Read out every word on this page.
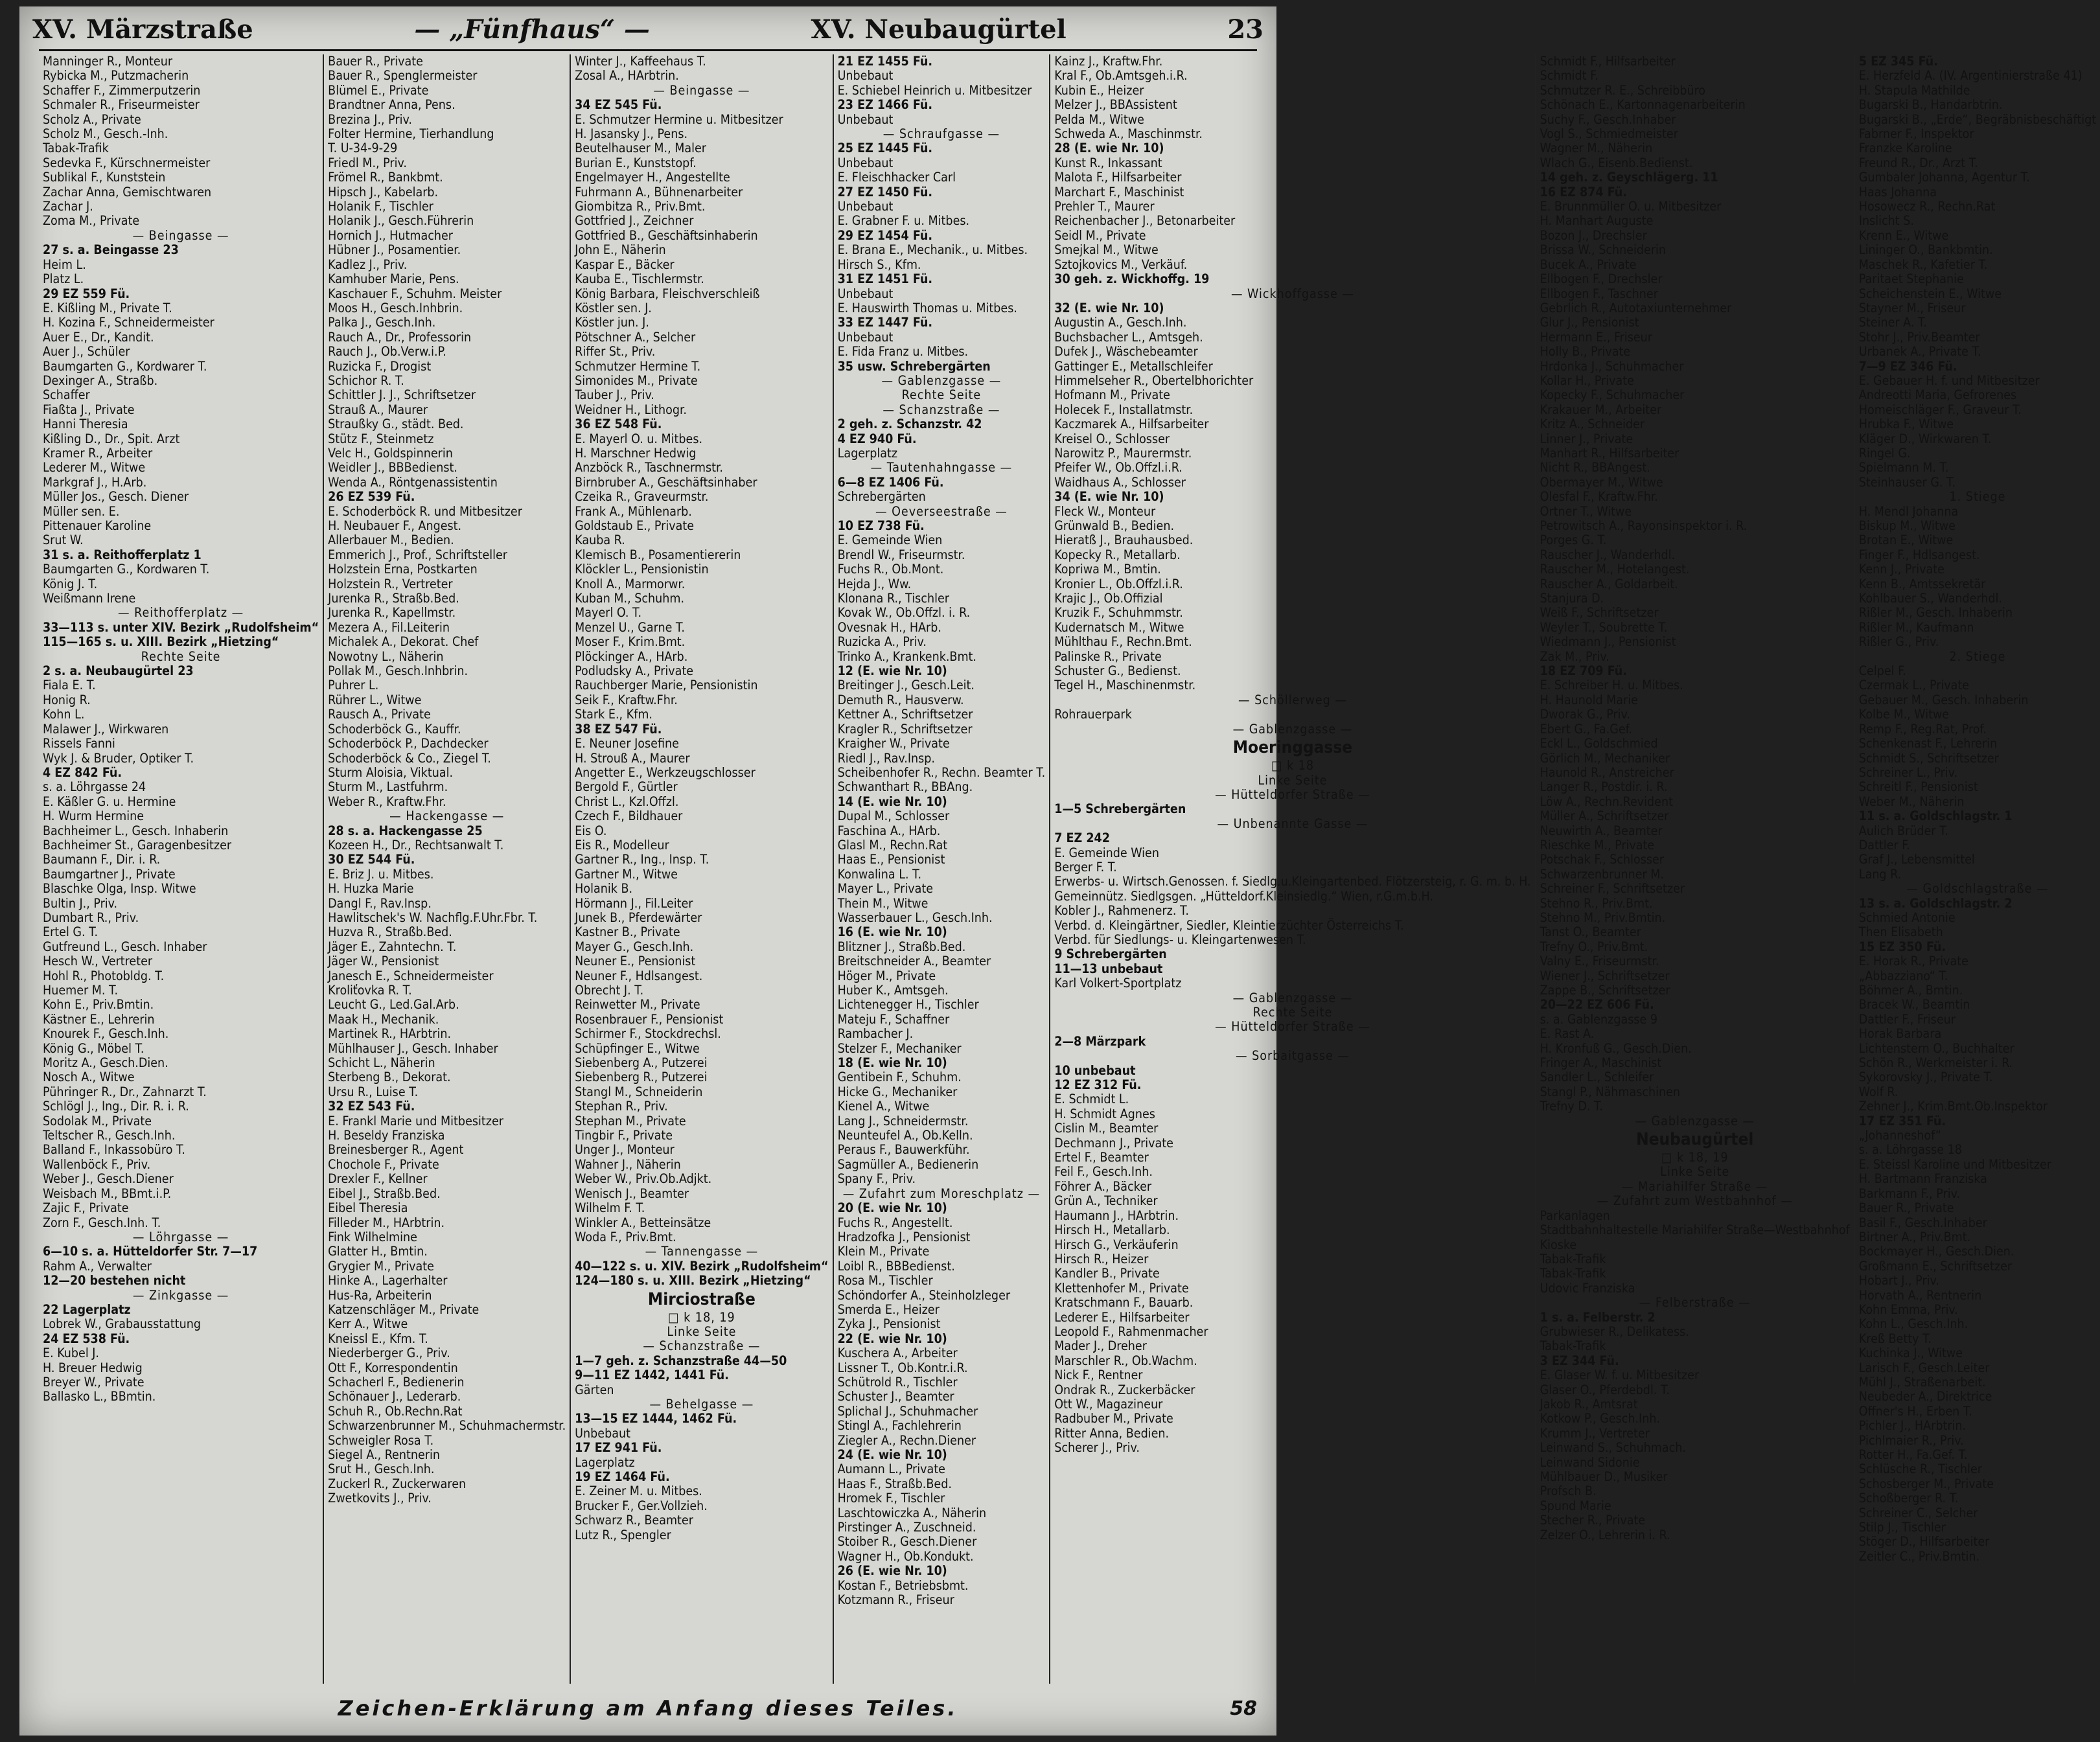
XV. Märzstraße	— „Fünfhaus“ —	XV. Neubaugürtel	23
Manninger R., Monteur
Rybicka M., Putzmacherin
Schaffer F., Zimmerputzerin
Schmaler R., Friseurmeister
Scholz A., Private
Scholz M., Gesch.-Inh.
Tabak-Trafik
Sedevka F., Kürschnermeister
Sublikal F., Kunststein
Zachar Anna, Gemischtwaren
Zachar J.
Zoma M., Private
— Beingasse —
27 s. a. Beingasse 23
Heim L.
Platz L.
29 EZ 559 Fü.
E. Kißling M., Private T.
H. Kozina F., Schneidermeister
Auer E., Dr., Kandit.
Auer J., Schüler
Baumgarten G., Kordwarer T.
Dexinger A., Straßb.
Schaffer
Fiaßta J., Private
Hanni Theresia
Kißling D., Dr., Spit. Arzt
Kramer R., Arbeiter
Lederer M., Witwe
Markgraf J., H.Arb.
Müller Jos., Gesch. Diener
Müller sen. E.
Pittenauer Karoline
Srut W.
31 s. a. Reithofferplatz 1
Baumgarten G., Kordwaren T.
König J. T.
Weißmann Irene
— Reithofferplatz —
33—113 s. unter XIV. Bezirk „Rudolfsheim“
115—165 s. u. XIII. Bezirk „Hietzing“
Rechte Seite
2 s. a. Neubaugürtel 23
Fiala E. T.
Honig R.
Kohn L.
Malawer J., Wirkwaren
Rissels Fanni
Wyk J. & Bruder, Optiker T.
4 EZ 842 Fü.
s. a. Löhrgasse 24
E. Käßler G. u. Hermine
H. Wurm Hermine
Bachheimer L., Gesch. Inhaberin
Bachheimer St., Garagenbesitzer
Baumann F., Dir. i. R.
Baumgartner J., Private
Blaschke Olga, Insp. Witwe
Bultin J., Priv.
Dumbart R., Priv.
Ertel G. T.
Gutfreund L., Gesch. Inhaber
Hesch W., Vertreter
Hohl R., Photobldg. T.
Huemer M. T.
Kohn E., Priv.Bmtin.
Kästner E., Lehrerin
Knourek F., Gesch.Inh.
König G., Möbel T.
Moritz A., Gesch.Dien.
Nosch A., Witwe
Pühringer R., Dr., Zahnarzt T.
Schlögl J., Ing., Dir. R. i. R.
Sodolak M., Private
Teltscher R., Gesch.Inh.
Balland F., Inkassobüro T.
Wallenböck F., Priv.
Weber J., Gesch.Diener
Weisbach M., BBmt.i.P.
Zajic F., Private
Zorn F., Gesch.Inh. T.
— Löhrgasse —
6—10 s. a. Hütteldorfer Str. 7—17
Rahm A., Verwalter
12—20 bestehen nicht
— Zinkgasse —
22 Lagerplatz
Lobrek W., Grabausstattung
24 EZ 538 Fü.
E. Kubel J.
H. Breuer Hedwig
Breyer W., Private
Ballasko L., BBmtin.
Bauer R., Private
Bauer R., Spenglermeister
Blümel E., Private
Brandtner Anna, Pens.
Brezina J., Priv.
Folter Hermine, Tierhandlung
T. U-34-9-29
Friedl M., Priv.
Frömel R., Bankbmt.
Hipsch J., Kabelarb.
Holanik F., Tischler
Holanik J., Gesch.Führerin
Hornich J., Hutmacher
Hübner J., Posamentier.
Kadlez J., Priv.
Kamhuber Marie, Pens.
Kaschauer F., Schuhm. Meister
Moos H., Gesch.Inhbrin.
Palka J., Gesch.Inh.
Rauch A., Dr., Professorin
Rauch J., Ob.Verw.i.P.
Ruzicka F., Drogist
Schichor R. T.
Schittler J. J., Schriftsetzer
Strauß A., Maurer
Straußky G., städt. Bed.
Stütz F., Steinmetz
Velc H., Goldspinnerin
Weidler J., BBBedienst.
Wenda A., Röntgenassistentin
26 EZ 539 Fü.
E. Schoderböck R. und Mitbesitzer
H. Neubauer F., Angest.
Allerbauer M., Bedien.
Emmerich J., Prof., Schriftsteller
Holzstein Erna, Postkarten
Holzstein R., Vertreter
Jurenka R., Straßb.Bed.
Jurenka R., Kapellmstr.
Mezera A., Fil.Leiterin
Michalek A., Dekorat. Chef
Nowotny L., Näherin
Pollak M., Gesch.Inhbrin.
Puhrer L.
Rührer L., Witwe
Rausch A., Private
Schoderböck G., Kauffr.
Schoderböck P., Dachdecker
Schoderböck & Co., Ziegel T.
Sturm Aloisia, Viktual.
Sturm M., Lastfuhrm.
Weber R., Kraftw.Fhr.
— Hackengasse —
28 s. a. Hackengasse 25
Kozeen H., Dr., Rechtsanwalt T.
30 EZ 544 Fü.
E. Briz J. u. Mitbes.
H. Huzka Marie
Dangl F., Rav.Insp.
Hawlitschek's W. Nachflg.F.Uhr.Fbr. T.
Huzva R., Straßb.Bed.
Jäger E., Zahntechn. T.
Jäger W., Pensionist
Janesch E., Schneidermeister
Kroliťovka R. T.
Leucht G., Led.Gal.Arb.
Maak H., Mechanik.
Martinek R., HArbtrin.
Mühlhauser J., Gesch. Inhaber
Schicht L., Näherin
Sterbeng B., Dekorat.
Ursu R., Luise T.
32 EZ 543 Fü.
E. Frankl Marie und Mitbesitzer
H. Beseldy Franziska
Breinesberger R., Agent
Chochole F., Private
Drexler F., Kellner
Eibel J., Straßb.Bed.
Eibel Theresia
Filleder M., HArbtrin.
Fink Wilhelmine
Glatter H., Bmtin.
Grygier M., Private
Hinke A., Lagerhalter
Hus-Ra, Arbeiterin
Katzenschläger M., Private
Kerr A., Witwe
Kneissl E., Kfm. T.
Niederberger G., Priv.
Ott F., Korrespondentin
Schacherl F., Bedienerin
Schönauer J., Lederarb.
Schuh R., Ob.Rechn.Rat
Schwarzenbrunner M., Schuhmachermstr.
Schweigler Rosa T.
Siegel A., Rentnerin
Srut H., Gesch.Inh.
Zuckerl R., Zuckerwaren
Zwetkovits J., Priv.
Winter J., Kaffeehaus T.
Zosal A., HArbtrin.
— Beingasse —
34 EZ 545 Fü.
E. Schmutzer Hermine u. Mitbesitzer
H. Jasansky J., Pens.
Beutelhauser M., Maler
Burian E., Kunststopf.
Engelmayer H., Angestellte
Fuhrmann A., Bühnenarbeiter
Giombitza R., Priv.Bmt.
Gottfried J., Zeichner
Gottfried B., Geschäftsinhaberin
John E., Näherin
Kaspar E., Bäcker
Kauba E., Tischlermstr.
König Barbara, Fleischverschleiß
Köstler sen. J.
Köstler jun. J.
Pötschner A., Selcher
Riffer St., Priv.
Schmutzer Hermine T.
Simonides M., Private
Tauber J., Priv.
Weidner H., Lithogr.
36 EZ 548 Fü.
E. Mayerl O. u. Mitbes.
H. Marschner Hedwig
Anzböck R., Taschnermstr.
Birnbruber A., Geschäftsinhaber
Czeika R., Graveurmstr.
Frank A., Mühlenarb.
Goldstaub E., Private
Kauba R.
Klemisch B., Posamentiererin
Klöckler L., Pensionistin
Knoll A., Marmorwr.
Kuban M., Schuhm.
Mayerl O. T.
Menzel U., Garne T.
Moser F., Krim.Bmt.
Plöckinger A., HArb.
Podludsky A., Private
Rauchberger Marie, Pensionistin
Seik F., Kraftw.Fhr.
Stark E., Kfm.
38 EZ 547 Fü.
E. Neuner Josefine
H. Strouß A., Maurer
Angetter E., Werkzeugschlosser
Bergold F., Gürtler
Christ L., Kzl.Offzl.
Czech F., Bildhauer
Eis O.
Eis R., Modelleur
Gartner R., Ing., Insp. T.
Gartner M., Witwe
Holanik B.
Hörmann J., Fil.Leiter
Junek B., Pferdewärter
Kastner B., Private
Mayer G., Gesch.Inh.
Neuner E., Pensionist
Neuner F., Hdlsangest.
Obrecht J. T.
Reinwetter M., Private
Rosenbrauer F., Pensionist
Schirmer F., Stockdrechsl.
Schüpfinger E., Witwe
Siebenberg A., Putzerei
Siebenberg R., Putzerei
Stangl M., Schneiderin
Stephan R., Priv.
Stephan M., Private
Tingbir F., Private
Unger J., Monteur
Wahner J., Näherin
Weber W., Priv.Ob.Adjkt.
Wenisch J., Beamter
Wilhelm F. T.
Winkler A., Betteinsätze
Woda F., Priv.Bmt.
— Tannengasse —
40—122 s. u. XIV. Bezirk „Rudolfsheim“
124—180 s. u. XIII. Bezirk „Hietzing“
Mirciostraße
□ k 18, 19
Linke Seite
— Schanzstraße —
1—7 geh. z. Schanzstraße 44—50
9—11 EZ 1442, 1441 Fü.
Gärten
— Behelgasse —
13—15 EZ 1444, 1462 Fü.
Unbebaut
17 EZ 941 Fü.
Lagerplatz
19 EZ 1464 Fü.
E. Zeiner M. u. Mitbes.
Brucker F., Ger.Vollzieh.
Schwarz R., Beamter
Lutz R., Spengler
21 EZ 1455 Fü.
Unbebaut
E. Schiebel Heinrich u. Mitbesitzer
23 EZ 1466 Fü.
Unbebaut
— Schraufgasse —
25 EZ 1445 Fü.
Unbebaut
E. Fleischhacker Carl
27 EZ 1450 Fü.
Unbebaut
E. Grabner F. u. Mitbes.
29 EZ 1454 Fü.
E. Brana E., Mechanik., u. Mitbes.
Hirsch S., Kfm.
31 EZ 1451 Fü.
Unbebaut
E. Hauswirth Thomas u. Mitbes.
33 EZ 1447 Fü.
Unbebaut
E. Fida Franz u. Mitbes.
35 usw. Schrebergärten
— Gablenzgasse —
Rechte Seite
— Schanzstraße —
2 geh. z. Schanzstr. 42
4 EZ 940 Fü.
Lagerplatz
— Tautenhahngasse —
6—8 EZ 1406 Fü.
Schrebergärten
— Oeverseestraße —
10 EZ 738 Fü.
E. Gemeinde Wien
Brendl W., Friseurmstr.
Fuchs R., Ob.Mont.
Hejda J., Ww.
Klonana R., Tischler
Kovak W., Ob.Offzl. i. R.
Ovesnak H., HArb.
Ruzicka A., Priv.
Trinko A., Krankenk.Bmt.
12 (E. wie Nr. 10)
Breitinger J., Gesch.Leit.
Demuth R., Hausverw.
Kettner A., Schriftsetzer
Kragler R., Schriftsetzer
Kraigher W., Private
Riedl J., Rav.Insp.
Scheibenhofer R., Rechn. Beamter T.
Schwanthart R., BBAng.
14 (E. wie Nr. 10)
Dupal M., Schlosser
Faschina A., HArb.
Glasl M., Rechn.Rat
Haas E., Pensionist
Konwalina L. T.
Mayer L., Private
Thein M., Witwe
Wasserbauer L., Gesch.Inh.
16 (E. wie Nr. 10)
Blitzner J., Straßb.Bed.
Breitschneider A., Beamter
Höger M., Private
Huber K., Amtsgeh.
Lichtenegger H., Tischler
Mateju F., Schaffner
Rambacher J.
Stelzer F., Mechaniker
18 (E. wie Nr. 10)
Gentibein F., Schuhm.
Hicke G., Mechaniker
Kienel A., Witwe
Lang J., Schneidermstr.
Neunteufel A., Ob.Kelln.
Peraus F., Bauwerkführ.
Sagmüller A., Bedienerin
Spany F., Priv.
— Zufahrt zum Moreschplatz —
20 (E. wie Nr. 10)
Fuchs R., Angestellt.
Hradzofka J., Pensionist
Klein M., Private
Loibl R., BBBedienst.
Rosa M., Tischler
Schöndorfer A., Steinholzleger
Smerda E., Heizer
Zyka J., Pensionist
22 (E. wie Nr. 10)
Kuschera A., Arbeiter
Lissner T., Ob.Kontr.i.R.
Schütrold R., Tischler
Schuster J., Beamter
Splichal J., Schuhmacher
Stingl A., Fachlehrerin
Ziegler A., Rechn.Diener
24 (E. wie Nr. 10)
Aumann L., Private
Haas F., Straßb.Bed.
Hromek F., Tischler
Laschtowiczka A., Näherin
Pirstinger A., Zuschneid.
Stoiber R., Gesch.Diener
Wagner H., Ob.Kondukt.
26 (E. wie Nr. 10)
Kostan F., Betriebsbmt.
Kotzmann R., Friseur
Kainz J., Kraftw.Fhr.
Kral F., Ob.Amtsgeh.i.R.
Kubin E., Heizer
Melzer J., BBAssistent
Pelda M., Witwe
Schweda A., Maschinmstr.
28 (E. wie Nr. 10)
Kunst R., Inkassant
Malota F., Hilfsarbeiter
Marchart F., Maschinist
Prehler T., Maurer
Reichenbacher J., Betonarbeiter
Seidl M., Private
Smejkal M., Witwe
Sztojkovics M., Verkäuf.
30 geh. z. Wickhoffg. 19
— Wickhoffgasse —
32 (E. wie Nr. 10)
Augustin A., Gesch.Inh.
Buchsbacher L., Amtsgeh.
Dufek J., Wäschebeamter
Gattinger E., Metallschleifer
Himmelseher R., Obertelbhorichter
Hofmann M., Private
Holecek F., Installatmstr.
Kaczmarek A., Hilfsarbeiter
Kreisel O., Schlosser
Narowitz P., Maurermstr.
Pfeifer W., Ob.Offzl.i.R.
Waidhaus A., Schlosser
34 (E. wie Nr. 10)
Fleck W., Monteur
Grünwald B., Bedien.
Hieratß J., Brauhausbed.
Kopecky R., Metallarb.
Kopriwa M., Bmtin.
Kronier L., Ob.Offzl.i.R.
Krajic J., Ob.Offizial
Kruzik F., Schuhmmstr.
Kudernatsch M., Witwe
Mühlthau F., Rechn.Bmt.
Palinske R., Private
Schuster G., Bedienst.
Tegel H., Maschinenmstr.
— Schöllerweg —
Rohrauerpark
— Gablenzgasse —
Moeringgasse
□ k 18
Linke Seite
— Hütteldorfer Straße —
1—5 Schrebergärten
— Unbenannte Gasse —
7 EZ 242
E. Gemeinde Wien
Berger F. T.
Erwerbs- u. Wirtsch.Genossen. f. Siedlg.u.Kleingartenbed. Flötzersteig, r. G. m. b. H.
Gemeinnütz. Siedlgsgen. „Hütteldorf.Kleinsiedlg.“ Wien, r.G.m.b.H.
Kobler J., Rahmenerz. T.
Verbd. d. Kleingärtner, Siedler, Kleintierzüchter Österreichs T.
Verbd. für Siedlungs- u. Kleingartenwesen T.
9 Schrebergärten
11—13 unbebaut
Karl Volkert-Sportplatz
— Gablenzgasse —
Rechte Seite
— Hütteldorfer Straße —
2—8 Märzpark
— Sorbaitgasse —
10 unbebaut
12 EZ 312 Fü.
E. Schmidt L.
H. Schmidt Agnes
Cislin M., Beamter
Dechmann J., Private
Ertel F., Beamter
Feil F., Gesch.Inh.
Föhrer A., Bäcker
Grün A., Techniker
Haumann J., HArbtrin.
Hirsch H., Metallarb.
Hirsch G., Verkäuferin
Hirsch R., Heizer
Kandler B., Private
Klettenhofer M., Private
Kratschmann F., Bauarb.
Lederer E., Hilfsarbeiter
Leopold F., Rahmenmacher
Mader J., Dreher
Marschler R., Ob.Wachm.
Nick F., Rentner
Ondrak R., Zuckerbäcker
Ott W., Magazineur
Radbuber M., Private
Ritter Anna, Bedien.
Scherer J., Priv.
Schmidt F., Hilfsarbeiter
Schmidt F.
Schmutzer R. E., Schreibbüro
Schönach E., Kartonnagenarbeiterin
Suchy F., Gesch.Inhaber
Vogl S., Schmiedmeister
Wagner M., Näherin
Wlach G., Eisenb.Bedienst.
14 geh. z. Geyschlägerg. 11
16 EZ 874 Fü.
E. Brunnmüller O. u. Mitbesitzer
H. Manhart Auguste
Bozon J., Drechsler
Brissa W., Schneiderin
Bucek A., Private
Ellbogen F., Drechsler
Ellbogen F., Taschner
Gebrlich R., Autotaxiunternehmer
Glur J., Pensionist
Hermann E., Friseur
Holly B., Private
Hrdonka J., Schuhmacher
Kollar H., Private
Kopecky F., Schuhmacher
Krakauer M., Arbeiter
Kritz A., Schneider
Linner J., Private
Manhart R., Hilfsarbeiter
Nicht R., BBAngest.
Obermayer M., Witwe
Olesfal F., Kraftw.Fhr.
Ortner T., Witwe
Petrowitsch A., Rayonsinspektor i. R.
Porges G. T.
Rauscher J., Wanderhdl.
Rauscher M., Hotelangest.
Rauscher A., Goldarbeit.
Stanjura D.
Weiß F., Schriftsetzer
Weyler T., Soubrette T.
Wiedmann J., Pensionist
Zak M., Priv.
18 EZ 709 Fü.
E. Schreiber H. u. Mitbes.
H. Haunold Marie
Dworak G., Priv.
Ebert G., Fa.Gef.
Eckl L., Goldschmied
Görlich M., Mechaniker
Haunold R., Anstreicher
Langer R., Postdir. i. R.
Löw A., Rechn.Revident
Müller A., Schriftsetzer
Neuwirth A., Beamter
Rieschke M., Private
Potschak F., Schlosser
Schwarzenbrunner M.
Schreiner F., Schriftsetzer
Stehno R., Priv.Bmt.
Stehno M., Priv.Bmtin.
Tanst O., Beamter
Trefny O., Priv.Bmt.
Valny E., Friseurmstr.
Wiener J., Schriftsetzer
Zappe B., Schriftsetzer
20—22 EZ 606 Fü.
s. a. Gablenzgasse 9
E. Rast A.
H. Kronfuß G., Gesch.Dien.
Fringer A., Maschinist
Sandler L., Schleifer
Stangl P., Nähmaschinen
Trefny D. T.
— Gablenzgasse —
Neubaugürtel
□ k 18, 19
Linke Seite
— Mariahilfer Straße —
— Zufahrt zum Westbahnhof —
Parkanlagen
Stadtbahnhaltestelle Mariahilfer Straße—Westbahnhof
Kioske
Tabak-Trafik
Tabak-Trafik
Udovic Franziska
— Felberstraße —
1 s. a. Felberstr. 2
Grubwieser R., Delikatess.
Tabak-Trafik
3 EZ 344 Fü.
E. Glaser W. f. u. Mitbesitzer
Glaser O., Pferdebdl. T.
Jakob R., Amtsrat
Kotkow P., Gesch.Inh.
Krumm J., Vertreter
Leinwand S., Schuhmach.
Leinwand Sidonie
Mühlbauer D., Musiker
Profsch B.
Spund Marie
Stecher R., Private
Zelzer O., Lehrerin i. R.
5 EZ 345 Fü.
E. Herzfeld A. (IV. Argentinierstraße 41)
H. Stapula Mathilde
Bugarski B., Handarbtrin.
Bugarski B., „Erde“, Begräbnisbeschäftigt
Fabrner F., Inspektor
Franzke Karoline
Freund R., Dr., Arzt T.
Gumbaler Johanna, Agentur T.
Haas Johanna
Hosowecz R., Rechn.Rat
Inslicht S.
Krenn E., Witwe
Lininger O., Bankbmtin.
Maschek R., Kafetier T.
Paritaet Stephanie
Scheichenstein E., Witwe
Stayner M., Friseur
Steiner A. T.
Stohr J., Priv.Beamter
Urbanek A., Private T.
7—9 EZ 346 Fü.
E. Gebauer H. f. und Mitbesitzer
Andreotti Maria, Gefrorenes
Homeischläger F., Graveur T.
Hrubka F., Witwe
Kläger D., Wirkwaren T.
Ringel G.
Spielmann M. T.
Steinhauser G. T.
1. Stiege
H. Mendl Johanna
Biskup M., Witwe
Brotan E., Witwe
Finger F., Hdlsangest.
Kenn J., Private
Kenn B., Amtssekretär
Kohlbauer S., Wanderhdl.
Rißler M., Gesch. Inhaberin
Rißler M., Kaufmann
Rißler G., Priv.
2. Stiege
Celpel F.
Czermak L., Private
Gebauer M., Gesch. Inhaberin
Kolbe M., Witwe
Remp F., Reg.Rat, Prof.
Schenkenast F., Lehrerin
Schmidt S., Schriftsetzer
Schreiner L., Priv.
Schreitl F., Pensionist
Weber M., Näherin
11 s. a. Goldschlagstr. 1
Aulich Brüder T.
Dattler F.
Graf J., Lebensmittel
Lang R.
— Goldschlagstraße —
13 s. a. Goldschlagstr. 2
Schmied Antonie
Then Elisabeth
15 EZ 350 Fü.
E. Horak R., Private
„Abbazziano“ T.
Böhmer A., Bmtin.
Bracek W., Beamtin
Dattler F., Friseur
Horak Barbara
Lichtenstern O., Buchhalter
Schön R., Werkmeister i. R.
Sykorovsky J., Private T.
Wolf R.
Zehner J., Krim.Bmt.Ob.Inspektor
17 EZ 351 Fü.
„Johanneshof“
s. a. Löhrgasse 18
E. Steissl Karoline und Mitbesitzer
H. Bartmann Franziska
Barkmann F., Priv.
Bauer R., Private
Basil F., Gesch.Inhaber
Birtner A., Priv.Bmt.
Bockmayer H., Gesch.Dien.
Großmann E., Schriftsetzer
Hobart J., Priv.
Horvath A., Rentnerin
Kohn Emma, Priv.
Kohn L., Gesch.Inh.
Kreß Betty T.
Kuchinka J., Witwe
Larisch F., Gesch.Leiter
Mühl J., Straßenarbeit.
Neubeder A., Direktrice
Offner's H., Erben T.
Pichler J., HArbtrin.
Pichlmaier R., Priv.
Rotter H., Fa.Gef. T.
Schlüsche R., Tischler
Schosberger M., Private
Schoßberger R. T.
Schreiner C., Selcher
Stilp J., Tischler
Stöger D., Hilfsarbeiter
Zeitler C., Priv.Bmtin.
Zeichen-Erklärung am Anfang dieses Teiles.	58
